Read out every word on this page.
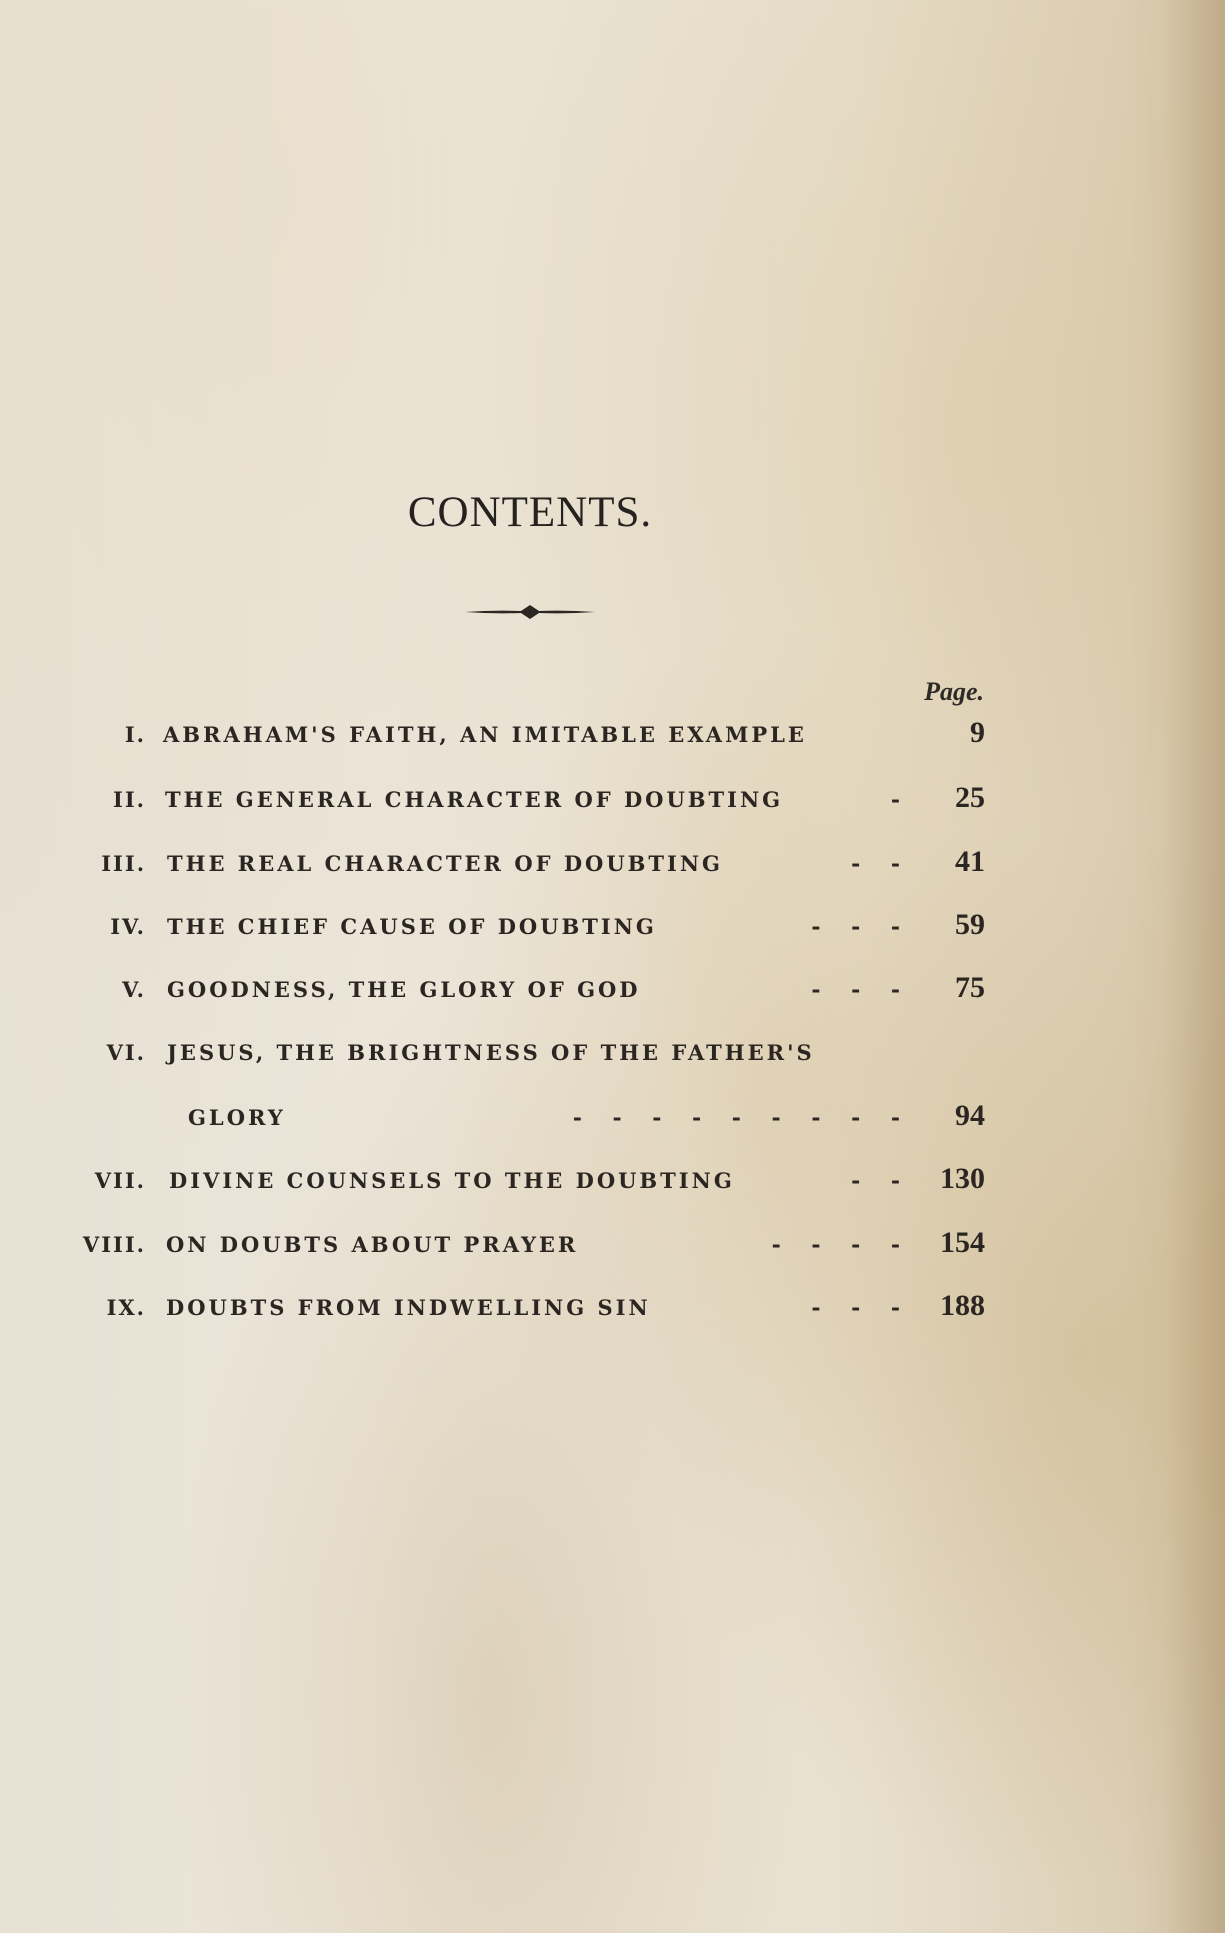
CONTENTS.
Page.
I. ABRAHAM'S FAITH, AN IMITABLE EXAMPLE	9
II. THE GENERAL CHARACTER OF DOUBTING	-	25
III. THE REAL CHARACTER OF DOUBTING	-    -	41
IV. THE CHIEF CAUSE OF DOUBTING	-    -    -	59
V. GOODNESS, THE GLORY OF GOD	-    -    -	75
VI. JESUS, THE BRIGHTNESS OF THE FATHER'S
GLORY	-    -    -    -    -    -    -    -    -	94
VII. DIVINE COUNSELS TO THE DOUBTING	-    -	130
VIII. ON DOUBTS ABOUT PRAYER	-    -    -    -	154
IX. DOUBTS FROM INDWELLING SIN	-    -    -	188
